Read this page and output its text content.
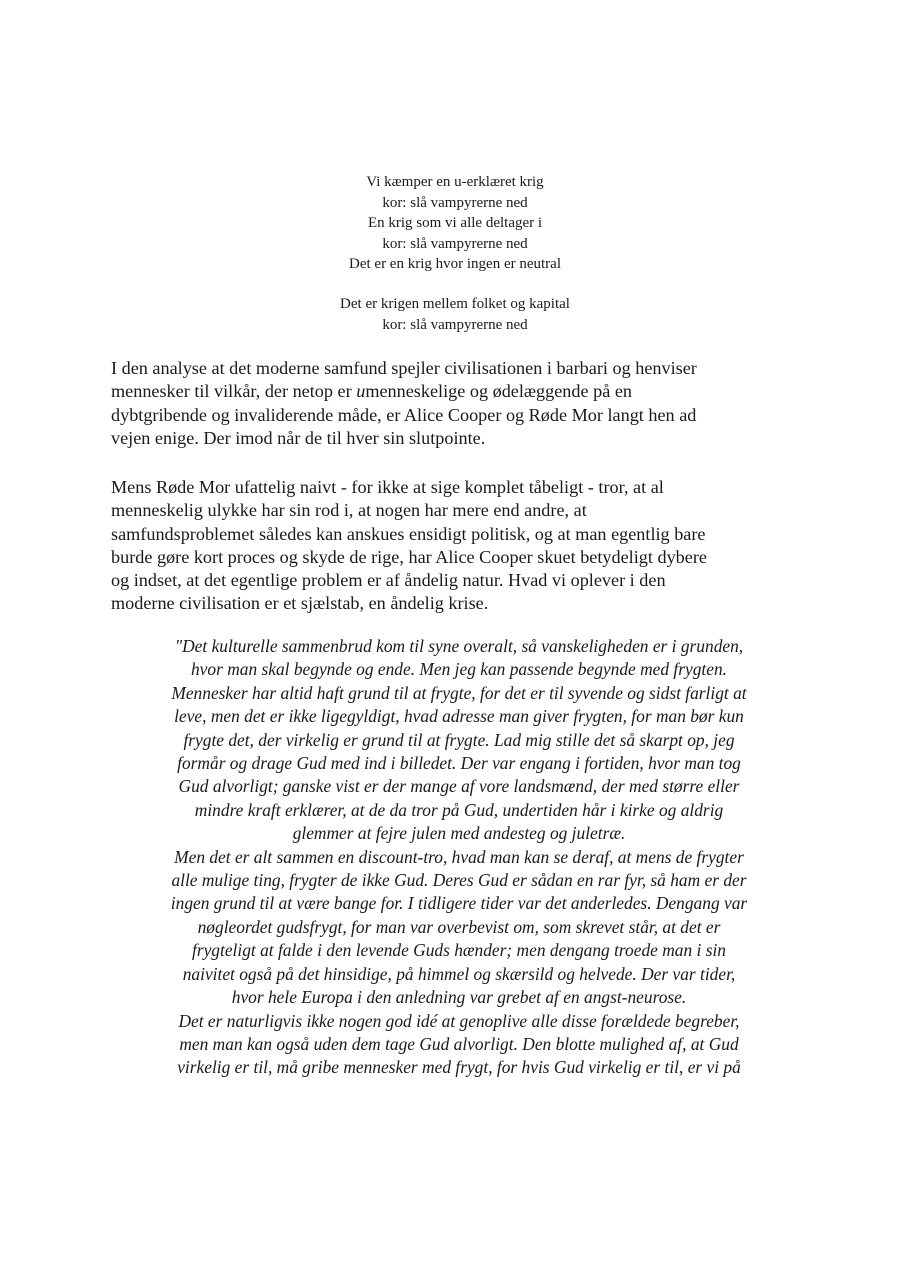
Vi kæmper en u-erklæret krig
kor: slå vampyrerne ned
En krig som vi alle deltager i
kor: slå vampyrerne ned
Det er en krig hvor ingen er neutral
Det er krigen mellem folket og kapital
kor: slå vampyrerne ned
I den analyse at det moderne samfund spejler civilisationen i barbari og henviser
mennesker til vilkår, der netop er umenneskelige og ødelæggende på en
dybtgribende og invaliderende måde, er Alice Cooper og Røde Mor langt hen ad
vejen enige. Der imod når de til hver sin slutpointe.
Mens Røde Mor ufattelig naivt - for ikke at sige komplet tåbeligt - tror, at al
menneskelig ulykke har sin rod i, at nogen har mere end andre, at
samfundsproblemet således kan anskues ensidigt politisk, og at man egentlig bare
burde gøre kort proces og skyde de rige, har Alice Cooper skuet betydeligt dybere
og indset, at det egentlige problem er af åndelig natur. Hvad vi oplever i den
moderne civilisation er et sjælstab, en åndelig krise.
"Det kulturelle sammenbrud kom til syne overalt, så vanskeligheden er i grunden,
hvor man skal begynde og ende. Men jeg kan passende begynde med frygten.
Mennesker har altid haft grund til at frygte, for det er til syvende og sidst farligt at
leve, men det er ikke ligegyldigt, hvad adresse man giver frygten, for man bør kun
frygte det, der virkelig er grund til at frygte. Lad mig stille det så skarpt op, jeg
formår og drage Gud med ind i billedet. Der var engang i fortiden, hvor man tog
Gud alvorligt; ganske vist er der mange af vore landsmænd, der med større eller
mindre kraft erklærer, at de da tror på Gud, undertiden hår i kirke og aldrig
glemmer at fejre julen med andesteg og juletræ.
Men det er alt sammen en discount-tro, hvad man kan se deraf, at mens de frygter
alle mulige ting, frygter de ikke Gud. Deres Gud er sådan en rar fyr, så ham er der
ingen grund til at være bange for. I tidligere tider var det anderledes. Dengang var
nøgleordet gudsfrygt, for man var overbevist om, som skrevet står, at det er
frygteligt at falde i den levende Guds hænder; men dengang troede man i sin
naivitet også på det hinsidige, på himmel og skærsild og helvede. Der var tider,
hvor hele Europa i den anledning var grebet af en angst-neurose.
Det er naturligvis ikke nogen god idé at genoplive alle disse forældede begreber,
men man kan også uden dem tage Gud alvorligt. Den blotte mulighed af, at Gud
virkelig er til, må gribe mennesker med frygt, for hvis Gud virkelig er til, er vi på
